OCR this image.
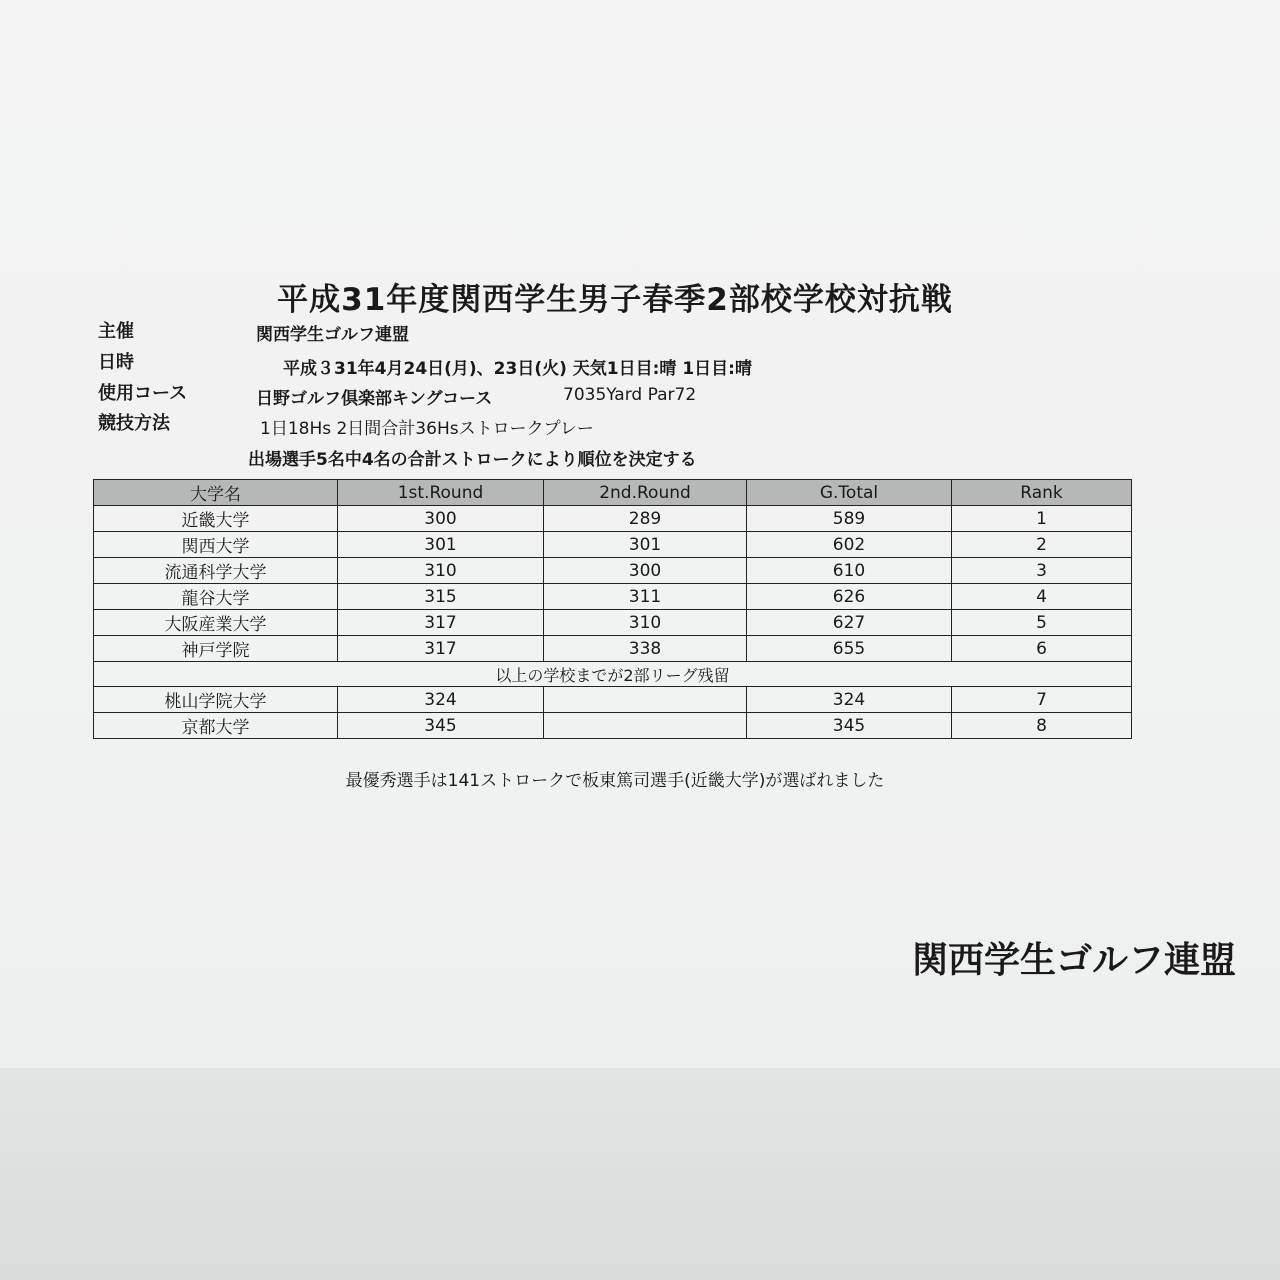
平成31年度関西学生男子春季2部校学校対抗戦
主催	関西学生ゴルフ連盟
日時	平成３31年4月24日(月)、23日(火) 天気1日目:晴 1日目:晴
使用コース	日野ゴルフ倶楽部キングコース	7035Yard Par72
競技方法	1日18Hs 2日間合計36Hsストロークプレー
出場選手5名中4名の合計ストロークにより順位を決定する
大学名	1st.Round	2nd.Round	G.Total	Rank
近畿大学	300	289	589	1
関西大学	301	301	602	2
流通科学大学	310	300	610	3
龍谷大学	315	311	626	4
大阪産業大学	317	310	627	5
神戸学院	317	338	655	6
以上の学校までが2部リーグ残留				
桃山学院大学	324		324	7
京都大学	345		345	8
最優秀選手は141ストロークで板東篤司選手(近畿大学)が選ばれました
関西学生ゴルフ連盟
